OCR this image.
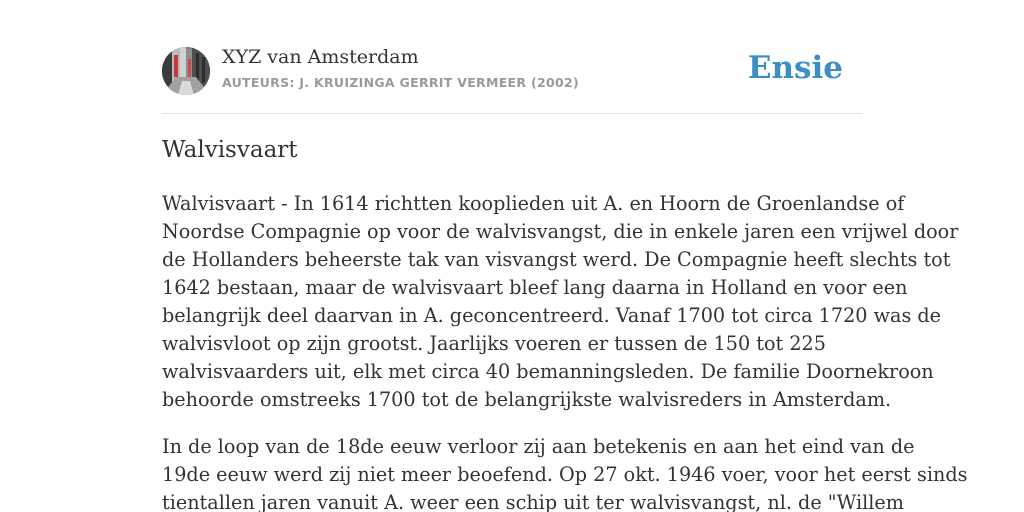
XYZ van Amsterdam
AUTEURS: J. KRUIZINGA GERRIT VERMEER (2002)	Ensie
Walvisvaart

Walvisvaart - In 1614 richtten kooplieden uit A. en Hoorn de Groenlandse of
Noordse Compagnie op voor de walvisvangst, die in enkele jaren een vrijwel door
de Hollanders beheerste tak van visvangst werd. De Compagnie heeft slechts tot
1642 bestaan, maar de walvisvaart bleef lang daarna in Holland en voor een
belangrijk deel daarvan in A. geconcentreerd. Vanaf 1700 tot circa 1720 was de
walvisvloot op zijn grootst. Jaarlijks voeren er tussen de 150 tot 225
walvisvaarders uit, elk met circa 40 bemanningsleden. De familie Doornekroon
behoorde omstreeks 1700 tot de belangrijkste walvisreders in Amsterdam.

In de loop van de 18de eeuw verloor zij aan betekenis en aan het eind van de
19de eeuw werd zij niet meer beoefend. Op 27 okt. 1946 voer, voor het eerst sinds
tientallen jaren vanuit A. weer een schip uit ter walvisvangst, nl. de "Willem
